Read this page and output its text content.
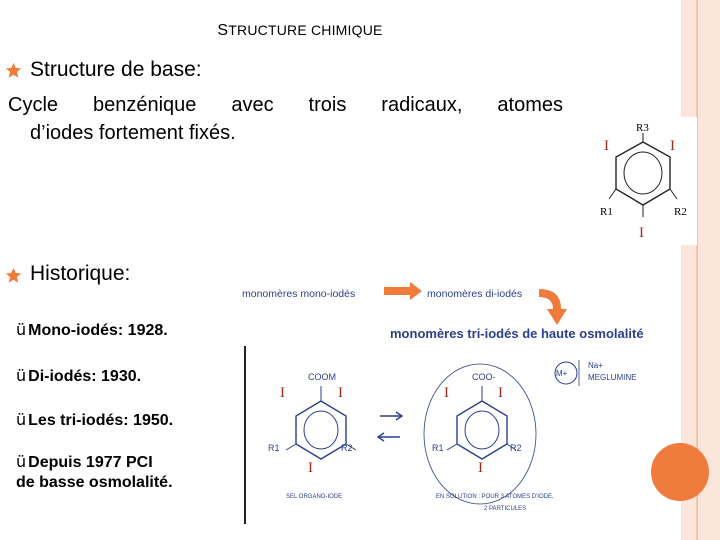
STRUCTURE CHIMIQUE
Structure de base:
Cycle benzénique avec trois radicaux, atomes
d’iodes fortement fixés.	R3
I	I
R1	R2
I
Historique:
ü Mono-iodés: 1928.
ü Di-iodés: 1930.
ü Les tri-iodés: 1950.
ü Depuis 1977 PCI
de basse osmolalité.
monomères mono-iodés	monomères di-iodés
monomères tri-iodés de haute osmolalité
COOM
I	I
R1	R2
I
SEL ORGANO-IODE
COO-
I	I
R1	R2
I
M+
Na+
MEGLUMINE
EN SOLUTION : POUR 3 ATOMES D'IODE,
2 PARTICULES
